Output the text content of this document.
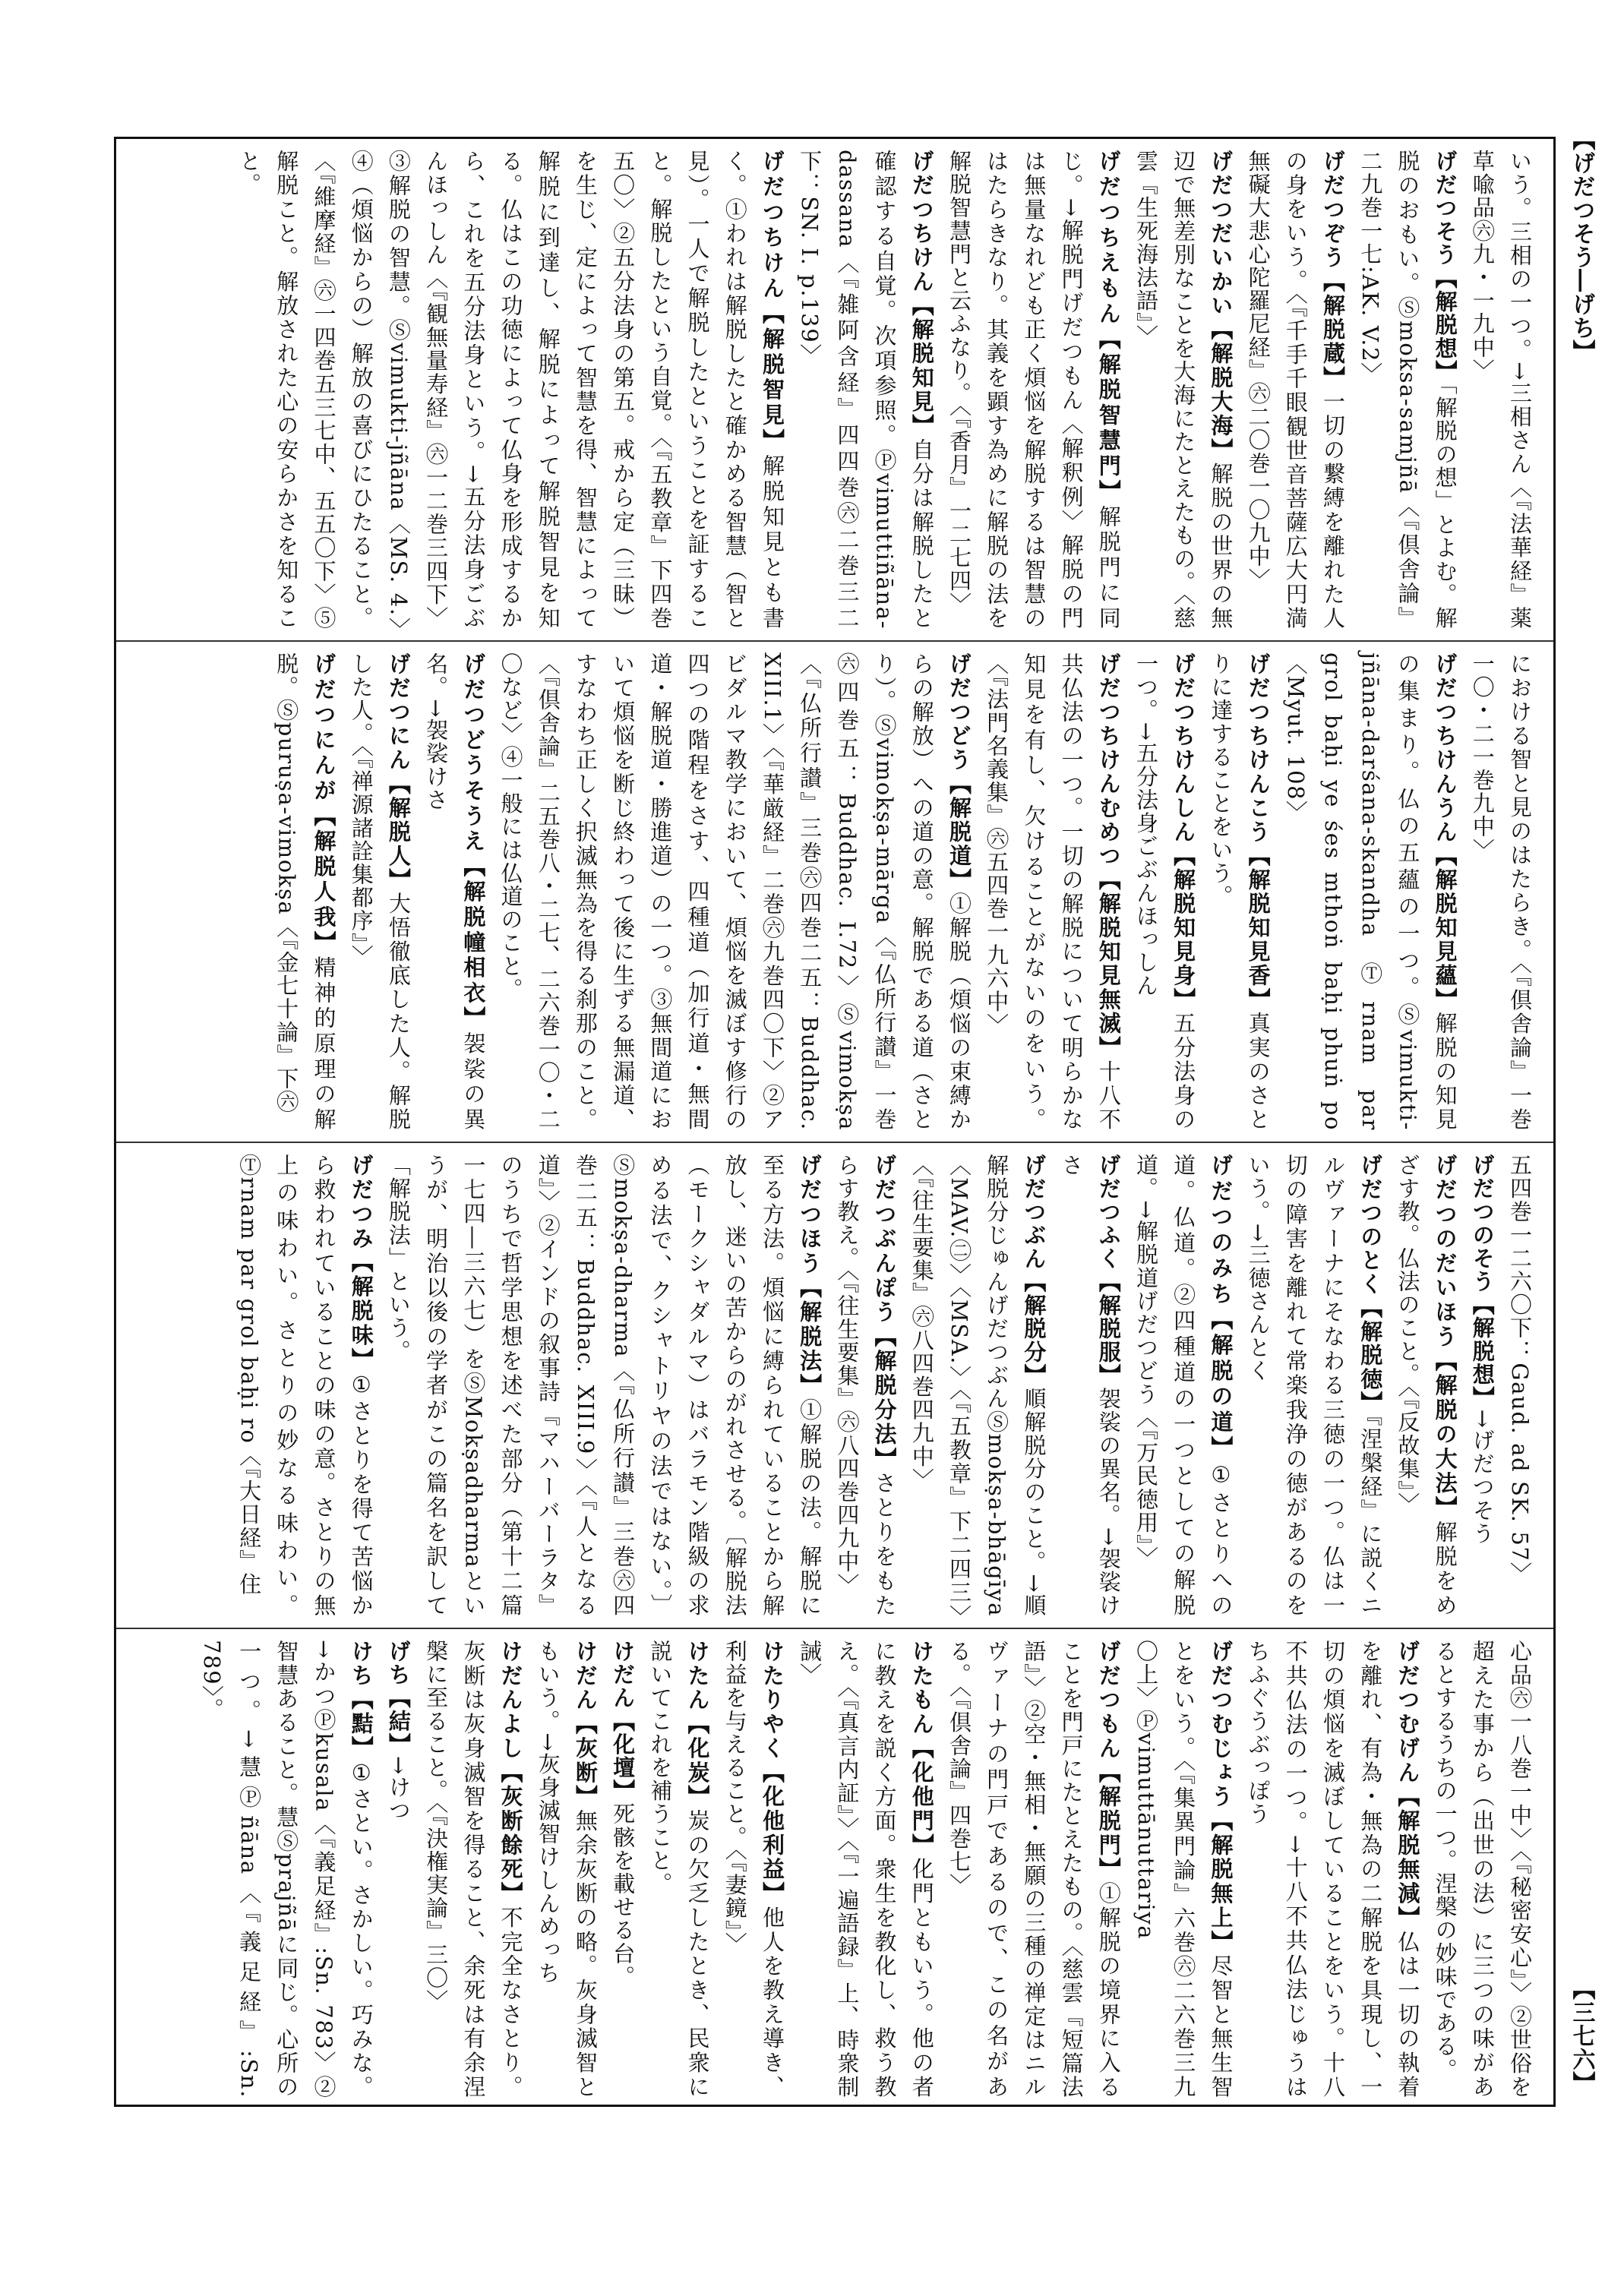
【げだつそう―げち】
【三七六】
いう。三相の一つ。→三相さん〈『法華経』薬草喩品㊅九・一九中〉
げだつそう【解脱想】「解脱の想」とよむ。解脱のおもい。Ⓢmoksa-samjñā〈『倶舎論』二九巻一七:AK. V.2〉
げだつぞう【解脱蔵】一切の繋縛を離れた人の身をいう。〈『千手千眼観世音菩薩広大円満無礙大悲心陀羅尼経』㊅二〇巻一〇九中〉
げだつだいかい【解脱大海】解脱の世界の無辺で無差別なことを大海にたとえたもの。〈慈雲『生死海法語』〉
げだつちえもん【解脱智慧門】解脱門に同じ。→解脱門げだつもん〈解釈例〉解脱の門は無量なれども正く煩悩を解脱するは智慧のはたらきなり。其義を顕す為めに解脱の法を解脱智慧門と云ふなり。〈『香月』一二七四〉
げだつちけん【解脱知見】自分は解脱したと確認する自覚。次項参照。Ⓟvimuttiñāna-dassana〈『雑阿含経』四四巻㊅二巻三二下：SN. I. p.139〉
げだつちけん【解脱智見】解脱知見とも書く。①われは解脱したと確かめる智慧（智と見）。一人で解脱したということを証すること。解脱したという自覚。〈『五教章』下四巻五〇〉②五分法身の第五。戒から定（三昧）を生じ、定によって智慧を得、智慧によって解脱に到達し、解脱によって解脱智見を知る。仏はこの功徳によって仏身を形成するから、これを五分法身という。→五分法身ごぶんほっしん〈『観無量寿経』㊅一二巻三四下〉③解脱の智慧。Ⓢvimukti-jñāna〈MS. 4.〉④（煩悩からの）解放の喜びにひたること。〈『維摩経』㊅一四巻五三七中、五五〇下〉⑤解脱こと。解放された心の安らかさを知ること。
における智と見のはたらき。〈『倶舎論』一巻一〇・二一巻九中〉
げだつちけんうん【解脱知見蘊】解脱の知見の集まり。仏の五蘊の一つ。Ⓢvimukti-jñāna-darśana-skandha Ⓣrnam par grol baḥi ye śes mthoṅ baḥi phuṅ po〈Myut. 108〉
げだつちけんこう【解脱知見香】真実のさとりに達することをいう。
げだつちけんしん【解脱知見身】五分法身の一つ。→五分法身ごぶんほっしん
げだつちけんむめつ【解脱知見無滅】十八不共仏法の一つ。一切の解脱について明らかな知見を有し、欠けることがないのをいう。〈『法門名義集』㊅五四巻一九六中〉
げだつどう【解脱道】①解脱（煩悩の束縛からの解放）への道の意。解脱である道（さとり）。Ⓢvimokṣa-mārga〈『仏所行讃』一巻㊅四巻五：Buddhac. I.72〉Ⓢvimokṣa〈『仏所行讃』三巻㊅四巻二五：Buddhac. XIII.1〉〈『華厳経』二巻㊅九巻四〇下〉②アビダルマ教学において、煩悩を滅ぼす修行の四つの階程をさす、四種道（加行道・無間道・解脱道・勝進道）の一つ。③無間道において煩悩を断じ終わって後に生ずる無漏道、すなわち正しく択滅無為を得る刹那のこと。〈『倶舎論』二五巻八・二七、二六巻一〇・二〇など〉④一般には仏道のこと。
げだつどうそうえ【解脱幢相衣】袈裟の異名。→袈裟けさ
げだつにん【解脱人】大悟徹底した人。解脱した人。〈『禅源諸詮集都序』〉
げだつにんが【解脱人我】精神的原理の解脱。Ⓢpuruṣa-vimokṣa〈『金七十論』下㊅
五四巻一二六〇下：Gaud. ad SK. 57〉
げだつのそう【解脱想】→げだつそう
げだつのだいほう【解脱の大法】解脱をめざす教。仏法のこと。〈『反故集』〉
げだつのとく【解脱徳】『涅槃経』に説くニルヴァーナにそなわる三徳の一つ。仏は一切の障害を離れて常楽我浄の徳があるのをいう。→三徳さんとく
げだつのみち【解脱の道】①さとりへの道。仏道。②四種道の一つとしての解脱道。→解脱道げだつどう〈『万民徳用』〉
げだつふく【解脱服】袈裟の異名。→袈裟けさ
げだつぶん【解脱分】順解脱分のこと。→順解脱分じゅんげだつぶんⓈmokṣa-bhāgīya〈MAV.㊁〉〈MSA.〉〈『五教章』下二四三〉〈『往生要集』㊅八四巻四九中〉
げだつぶんぽう【解脱分法】さとりをもたらす教え。〈『往生要集』㊅八四巻四九中〉
げだつほう【解脱法】①解脱の法。解脱に至る方法。煩悩に縛られていることから解放し、迷いの苦からのがれさせる。〔解脱法（モークシャダルマ）はバラモン階級の求める法で、クシャトリヤの法ではない。〕Ⓢmokṣa-dharma〈『仏所行讃』三巻㊅四巻二五：Buddhac. XIII.9〉〈『人となる道』〉②インドの叙事詩『マハーバーラタ』のうちで哲学思想を述べた部分（第十二篇一七四―三六七）をⓈMokṣadharmaというが、明治以後の学者がこの篇名を訳して「解脱法」という。
げだつみ【解脱味】①さとりを得て苦悩から救われていることの味の意。さとりの無上の味わい。さとりの妙なる味わい。Ⓣrnam par grol baḥi ro〈『大日経』住
心品㊅一八巻一中〉〈『秘密安心』〉②世俗を超えた事から（出世の法）に三つの味があるとするうちの一つ。涅槃の妙味である。
げだつむげん【解脱無減】仏は一切の執着を離れ、有為・無為の二解脱を具現し、一切の煩悩を滅ぼしていることをいう。十八不共仏法の一つ。→十八不共仏法じゅうはちふぐうぶっぽう
げだつむじょう【解脱無上】尽智と無生智とをいう。〈『集異門論』六巻㊅二六巻三九〇上〉Ⓟvimuttānuttariya
げだつもん【解脱門】①解脱の境界に入ることを門戸にたとえたもの。〈慈雲『短篇法語』〉②空・無相・無願の三種の禅定はニルヴァーナの門戸であるので、この名がある。〈『倶舎論』四巻七〉
けたもん【化他門】化門ともいう。他の者に教えを説く方面。衆生を教化し、救う教え。〈『真言内証』〉〈『一遍語録』上、時衆制誡〉
けたりやく【化他利益】他人を教え導き、利益を与えること。〈『妻鏡』〉
けたん【化炭】炭の欠乏したとき、民衆に説いてこれを補うこと。
けだん【化壇】死骸を載せる台。
けだん【灰断】無余灰断の略。灰身滅智ともいう。→灰身滅智けしんめっち
けだんよし【灰断餘死】不完全なさとり。灰断は灰身滅智を得ること、余死は有余涅槃に至ること。〈『決権実論』三〇〉
げち【結】→けつ
けち【黠】①さとい。さかしい。巧みな。→かつⓅkusala〈『義足経』:Sn. 783〉②智慧あること。慧Ⓢprajñāに同じ。心所の一つ。→慧Ⓟñāna〈『義足経』:Sn. 789〉。
